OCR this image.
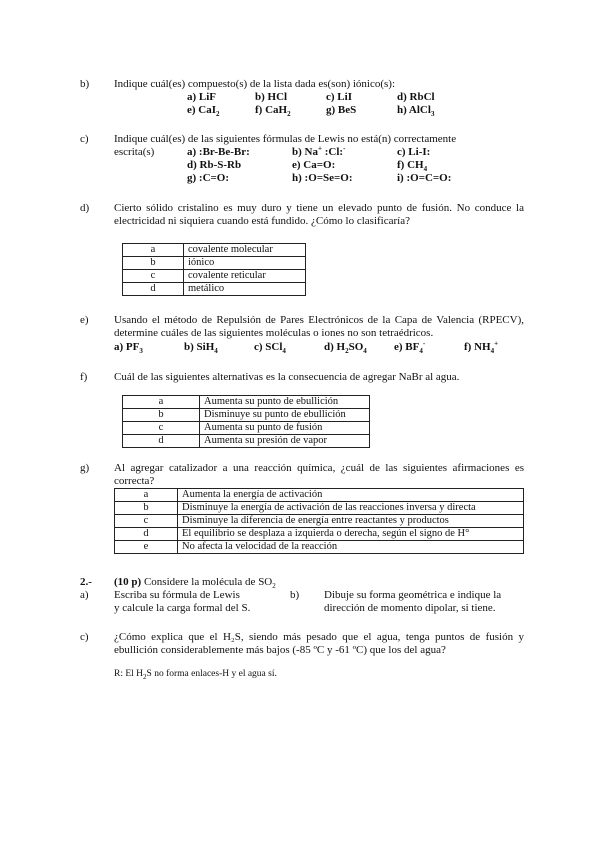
b) Indique cuál(es) compuesto(s) de la lista dada es(son) iónico(s):
a) LiF	b) HCl	c) LiI	d) RbCl
e) CaI$_2$	f) CaH$_2$	g) BeS	h) AlCl$_3$
c) Indique cuál(es) de las siguientes fórmulas de Lewis no está(n) correctamente
escrita(s)	a) :Br-Be-Br:	b) Na+ :Cl:-	c) Li-I:
d) Rb-S-Rb	e) Ca=O:	f) $CH_4$
g) :C=O:	h) :O=Se=O:	i) :O=C=O:
d) Cierto sólido cristalino es muy duro y tiene un elevado punto de fusión. No conduce la electricidad ni siquiera cuando está fundido. ¿Cómo lo clasificaría?
a	covalente molecular
b	iónico
c	covalente reticular
d	metálico
e) Usando el método de Repulsión de Pares Electrónicos de la Capa de Valencia (RPECV), determine cuáles de las siguientes moléculas o iones no son tetraédricos.
a) $PF_3$	b) SiH$_4$	c) SCl$_4$	d) $H_2SO_4$ e) $BF_4^-$	f) $NH_4^+$
f) Cuál de las siguientes alternativas es la consecuencia de agregar NaBr al agua.
a	Aumenta su punto de ebullición
b	Disminuye su punto de ebullición
c	Aumenta su punto de fusión
d	Aumenta su presión de vapor
g) Al agregar catalizador a una reacción química, ¿cuál de las siguientes afirmaciones es correcta?
a	Aumenta la energía de activación
b	Disminuye la energía de activación de las reacciones inversa y directa
c	Disminuye la diferencia de energía entre reactantes y productos
d	El equilibrio se desplaza a izquierda o derecha, según el signo de H°
e	No afecta la velocidad de la reacción
2.- (10 p) Considere la molécula de $SO_2$
a) Escriba su fórmula de Lewis
y calcule la carga formal del S.
b) Dibuje su forma geométrica e indique la
dirección de momento dipolar, si tiene.
c) ¿Cómo explica que el H₂S, siendo más pesado que el agua, tenga puntos de fusión y ebullición considerablemente más bajos (-85 ºC y -61 ºC) que los del agua?
R: El $H_2S$ no forma enlaces-H y el agua sí.
